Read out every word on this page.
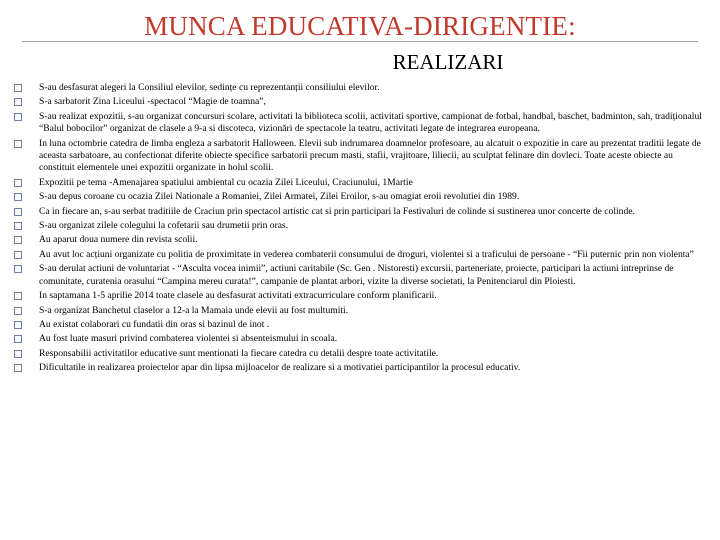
MUNCA EDUCATIVA-DIRIGENTIE:
REALIZARI
S-au desfasurat alegeri la Consiliul elevilor, sedințe cu reprezentanții consiliului elevilor.
S-a sarbatorit Zina Liceului -spectacol “Magie de toamna”,
S-au realizat expozitii, s-au organizat concursuri scolare, activitati la biblioteca scolii, activitati sportive, campionat de fotbal, handbal, baschet, badminton, sah, tradiționalul “Balul bobocilor” organizat de clasele a 9-a si discoteca, vizionări de spectacole la teatru, activitati legate de integrarea europeana.
In luna octombrie catedra de limba engleza a sarbatorit Halloween. Elevii sub indrumarea doamnelor profesoare, au alcatuit o expozitie in care au prezentat traditii legate de aceasta sarbatoare, au confectionat diferite obiecte specifice sarbatorii precum masti, stafii, vrajitoare, liliecii, au sculptat felinare din dovleci. Toate aceste obiecte au constituit elementele unei expozitii organizate in holul scolii.
Expozitii pe tema -Amenajarea spatiului ambiental cu ocazia Zilei Liceului, Craciunului, 1Martie
S-au depus coroane cu ocazia Zilei Nationale a Romaniei, Zilei Armatei, Zilei Eroilor, s-au omagiat eroii revolutiei din 1989.
Ca in fiecare an, s-au serbat traditiile de Craciun prin spectacol artistic cat si prin participari la Festivaluri de colinde si sustinerea unor concerte de colinde.
S-au organizat zilele colegului la cofetarii sau drumetii prin oras.
Au aparut doua numere din revista scolii.
Au avut loc acțiuni organizate cu politia de proximitate in vederea combaterii consumului de droguri, violentei si a traficului de persoane - “Fii puternic prin non violenta”
S-au derulat actiuni de voluntariat - “Asculta vocea inimii”, actiuni caritabile (Sc. Gen . Nistoresti) excursii, parteneriate, proiecte, participari la actiuni intreprinse de comunitate, curatenia orasului “Campina mereu curata!”, campanie de plantat arbori, vizite la diverse societati, la Penitenciarul din Ploiesti.
In saptamana 1-5 aprilie 2014 toate clasele au desfasurat activitati extracurriculare conform planificarii.
S-a organizat Banchetul claselor a 12-a la Mamaia unde elevii au fost multumiti.
Au existat colaborari cu fundatii din oras si bazinul de inot .
Au fost luate masuri privind combaterea violentei si absenteismului in scoala.
Responsabilii activitatilor educative sunt mentionati la fiecare catedra cu detalii despre toate activitatile.
Dificultatile in realizarea proiectelor apar din lipsa mijloacelor de realizare si a motivatiei participantilor la procesul educativ.
